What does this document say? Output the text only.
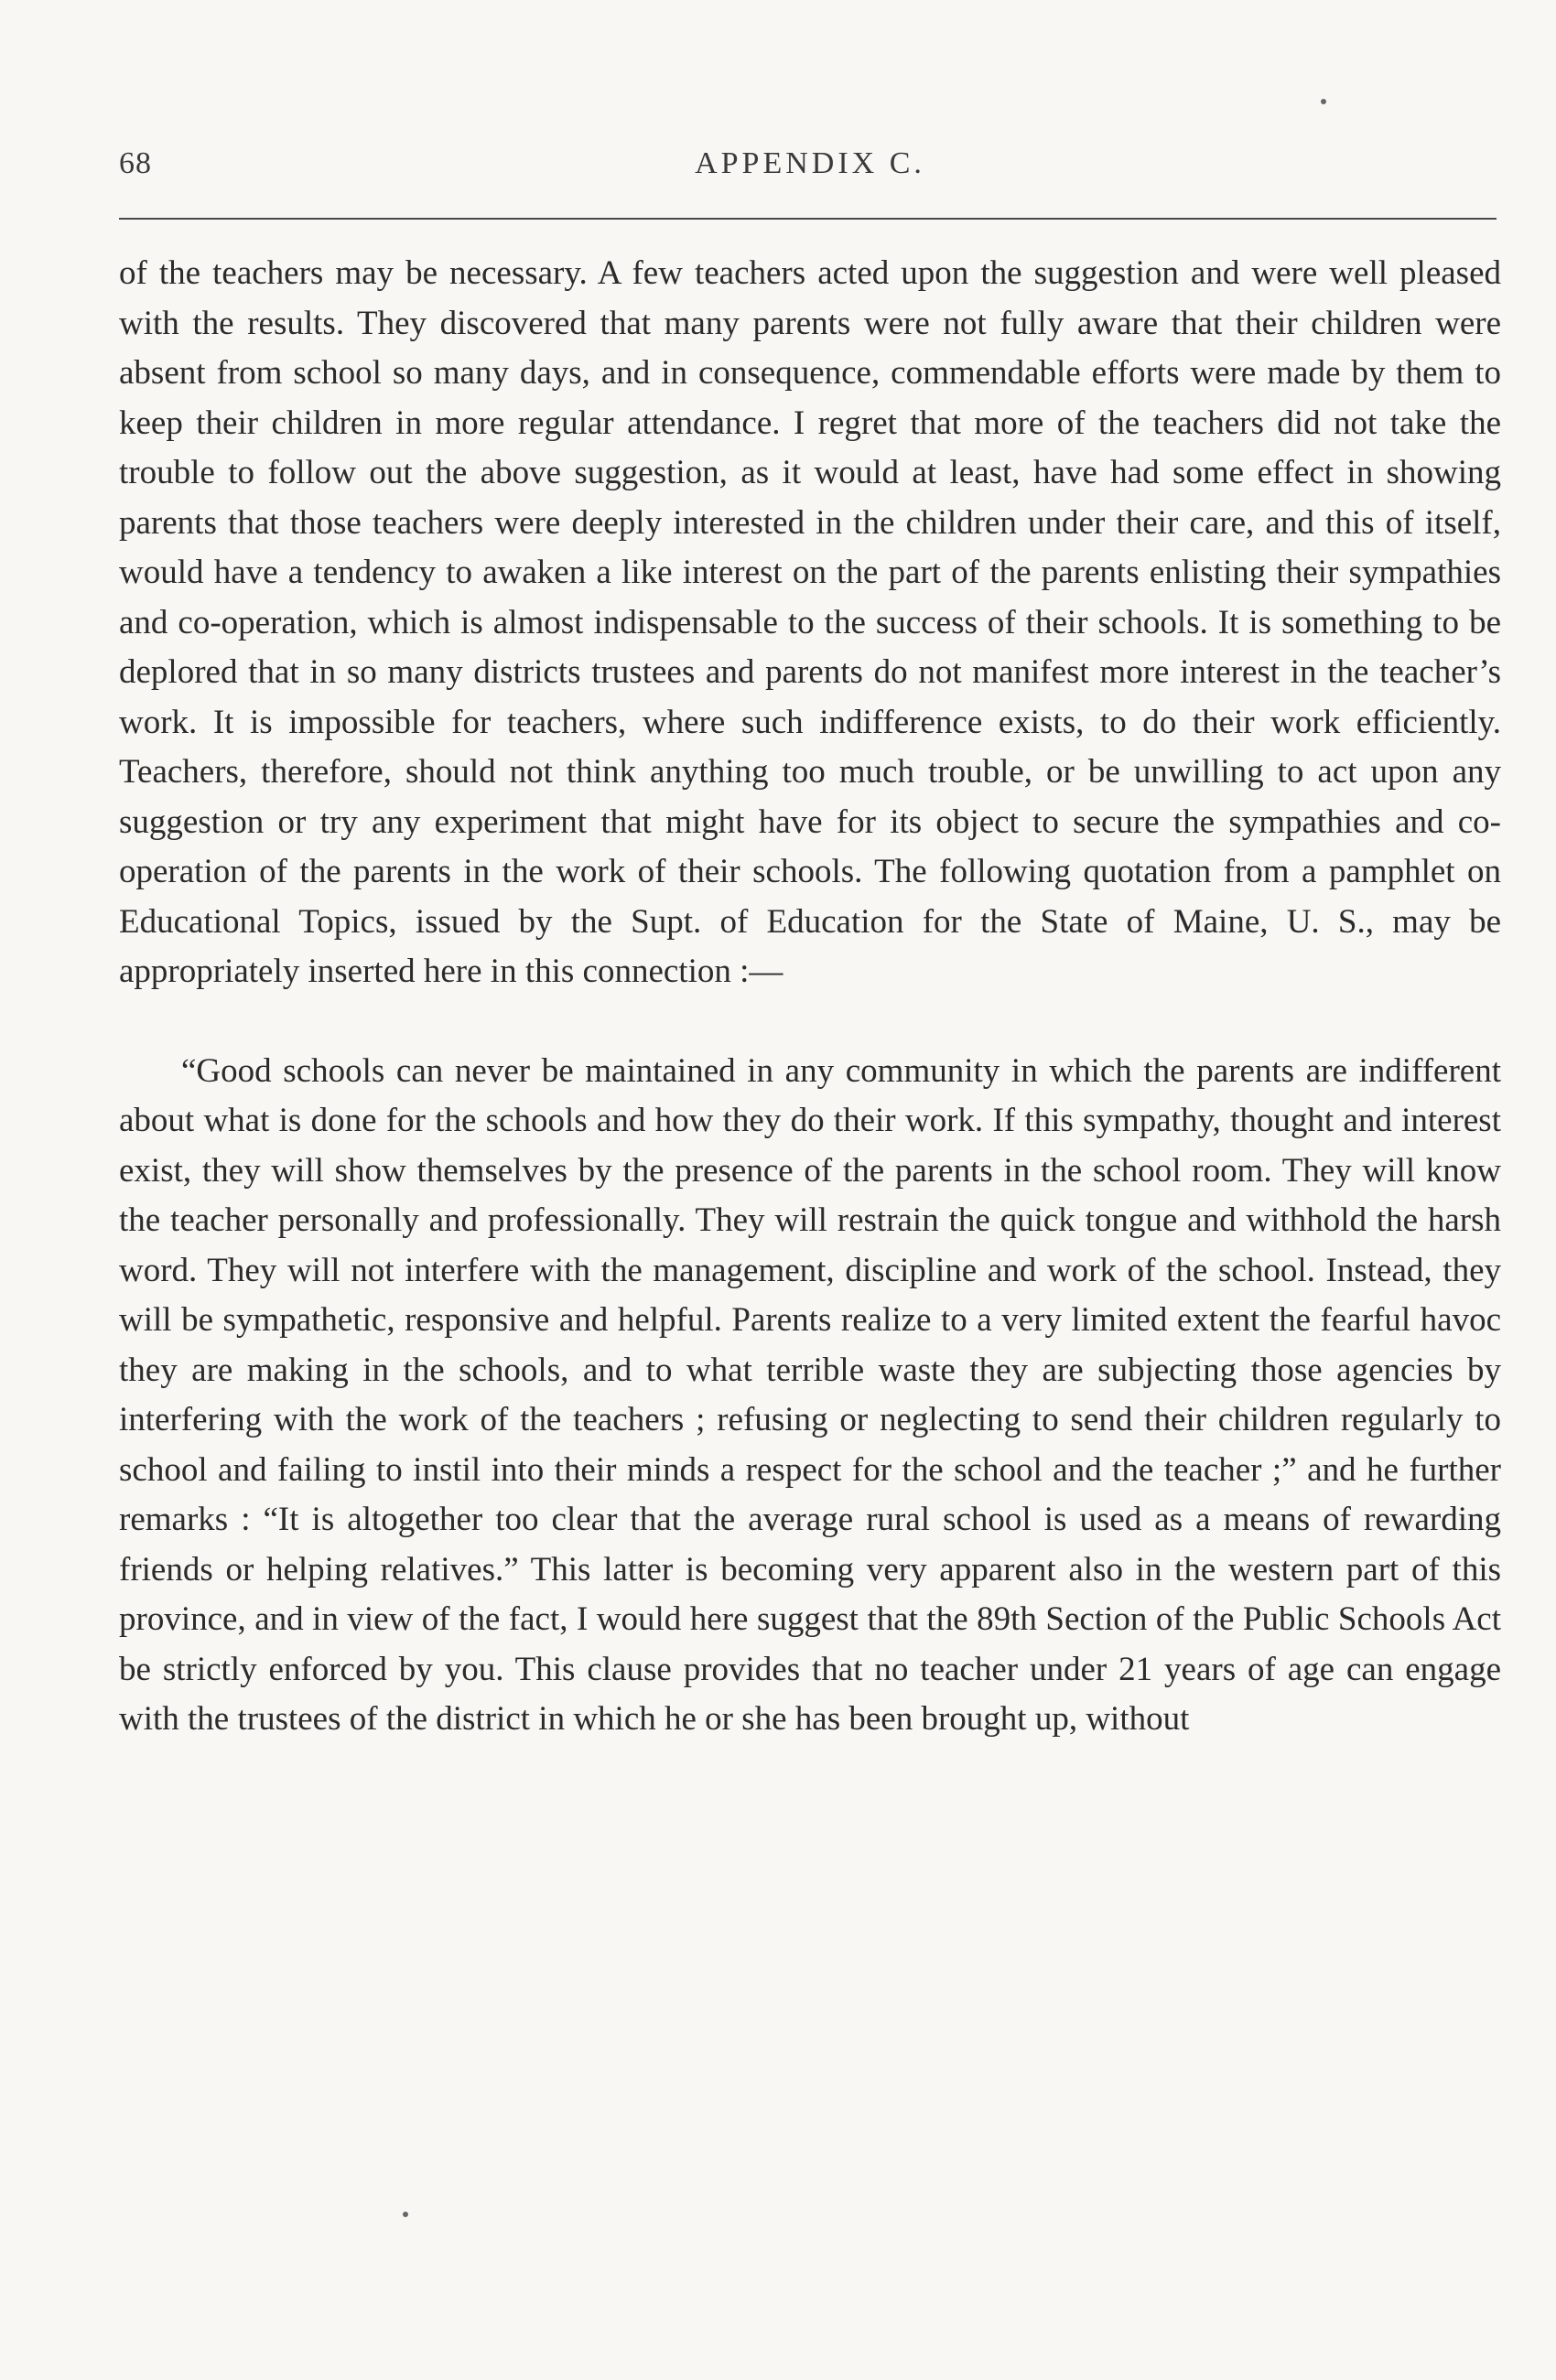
68	APPENDIX C.

of the teachers may be necessary. A few teachers acted upon the suggestion and were well pleased with the results. They discovered that many parents were not fully aware that their children were absent from school so many days, and in consequence, commendable efforts were made by them to keep their children in more regular attendance. I regret that more of the teachers did not take the trouble to follow out the above suggestion, as it would at least, have had some effect in showing parents that those teachers were deeply interested in the children under their care, and this of itself, would have a tendency to awaken a like interest on the part of the parents enlisting their sympathies and co-operation, which is almost indispensable to the success of their schools. It is something to be deplored that in so many districts trustees and parents do not manifest more interest in the teacher’s work. It is impossible for teachers, where such indifference exists, to do their work efficiently. Teachers, therefore, should not think anything too much trouble, or be unwilling to act upon any suggestion or try any experiment that might have for its object to secure the sympathies and co-operation of the parents in the work of their schools. The following quotation from a pamphlet on Educational Topics, issued by the Supt. of Education for the State of Maine, U. S., may be appropriately inserted here in this connection :—

“Good schools can never be maintained in any community in which the parents are indifferent about what is done for the schools and how they do their work. If this sympathy, thought and interest exist, they will show themselves by the presence of the parents in the school room. They will know the teacher personally and professionally. They will restrain the quick tongue and withhold the harsh word. They will not interfere with the management, discipline and work of the school. Instead, they will be sympathetic, responsive and helpful. Parents realize to a very limited extent the fearful havoc they are making in the schools, and to what terrible waste they are subjecting those agencies by interfering with the work of the teachers ; refusing or neglecting to send their children regularly to school and failing to instil into their minds a respect for the school and the teacher ;” and he further remarks : “It is altogether too clear that the average rural school is used as a means of rewarding friends or helping relatives.” This latter is becoming very apparent also in the western part of this province, and in view of the fact, I would here suggest that the 89th Section of the Public Schools Act be strictly enforced by you. This clause provides that no teacher under 21 years of age can engage with the trustees of the district in which he or she has been brought up, without
